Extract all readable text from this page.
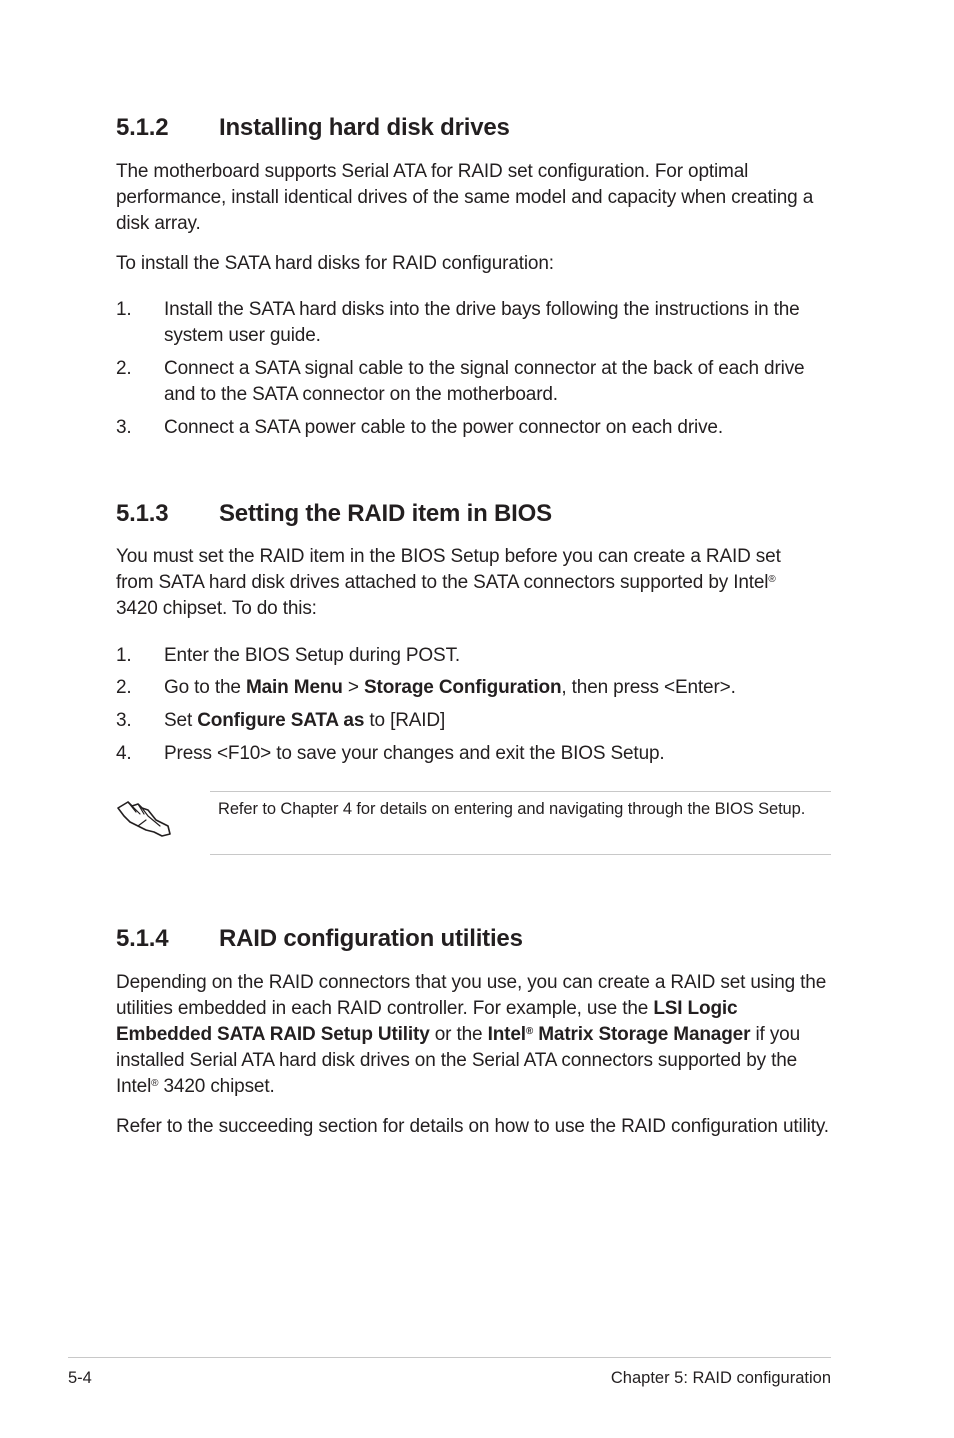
5.1.2 Installing hard disk drives
The motherboard supports Serial ATA for RAID set configuration. For optimal performance, install identical drives of the same model and capacity when creating a disk array.
To install the SATA hard disks for RAID configuration:
1. Install the SATA hard disks into the drive bays following the instructions in the system user guide.
2. Connect a SATA signal cable to the signal connector at the back of each drive and to the SATA connector on the motherboard.
3. Connect a SATA power cable to the power connector on each drive.
5.1.3 Setting the RAID item in BIOS
You must set the RAID item in the BIOS Setup before you can create a RAID set from SATA hard disk drives attached to the SATA connectors supported by Intel® 3420 chipset. To do this:
1. Enter the BIOS Setup during POST.
2. Go to the Main Menu > Storage Configuration, then press <Enter>.
3. Set Configure SATA as to [RAID]
4. Press <F10> to save your changes and exit the BIOS Setup.
Refer to Chapter 4 for details on entering and navigating through the BIOS Setup.
5.1.4 RAID configuration utilities
Depending on the RAID connectors that you use, you can create a RAID set using the utilities embedded in each RAID controller. For example, use the LSI Logic Embedded SATA RAID Setup Utility or the Intel® Matrix Storage Manager if you installed Serial ATA hard disk drives on the Serial ATA connectors supported by the Intel® 3420 chipset.
Refer to the succeeding section for details on how to use the RAID configuration utility.
5-4	Chapter 5: RAID configuration
